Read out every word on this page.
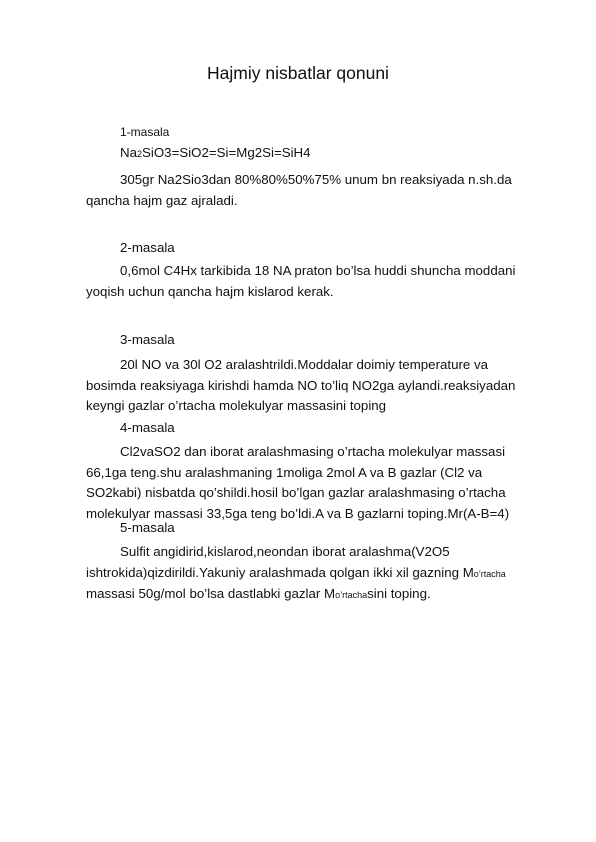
Hajmiy nisbatlar qonuni

1-masala

Na2SiO3=SiO2=Si=Mg2Si=SiH4

305gr Na2Sio3dan 80%80%50%75% unum bn reaksiyada n.sh.da qancha hajm gaz ajraladi.

2-masala

0,6mol C4Hx tarkibida 18 NA praton bo’lsa huddi shuncha moddani yoqish uchun qancha hajm kislarod kerak.

3-masala

20l NO va 30l O2 aralashtrildi.Moddalar doimiy temperature va bosimda reaksiyaga kirishdi hamda NO to’liq NO2ga aylandi.reaksiyadan keyngi gazlar o’rtacha molekulyar massasini toping

4-masala

Cl2vaSO2 dan iborat aralashmasing o’rtacha molekulyar massasi 66,1ga teng.shu aralashmaning 1moliga 2mol A va B gazlar (Cl2 va SO2kabi) nisbatda qo’shildi.hosil bo’lgan gazlar aralashmasing o’rtacha molekulyar massasi 33,5ga teng bo’ldi.A va B gazlarni toping.Mr(A-B=4)

5-masala

Sulfit angidirid,kislarod,neondan iborat aralashma(V2O5 ishtrokida)qizdirildi.Yakuniy aralashmada qolgan ikki xil gazning Mo’rtacha massasi 50g/mol bo’lsa dastlabki gazlar Mo’rtachasini toping.
